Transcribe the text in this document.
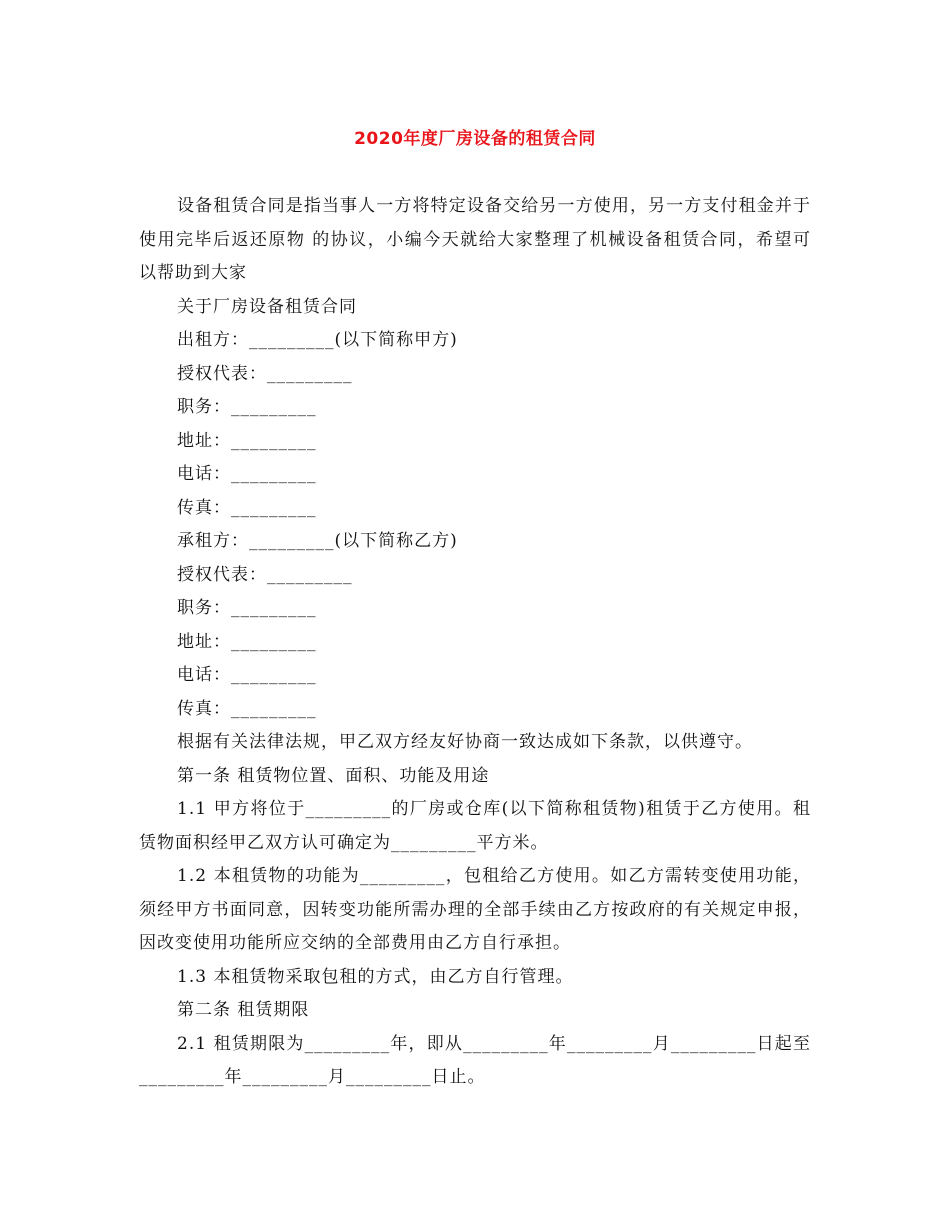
2020年度厂房设备的租赁合同

设备租赁合同是指当事人一方将特定设备交给另一方使用，另一方支付租金并于使用完毕后返还原物 的协议，小编今天就给大家整理了机械设备租赁合同，希望可以帮助到大家

关于厂房设备租赁合同

出租方：_________(以下简称甲方)

授权代表：_________

职务：_________

地址：_________

电话：_________

传真：_________

承租方：_________(以下简称乙方)

授权代表：_________

职务：_________

地址：_________

电话：_________

传真：_________

根据有关法律法规，甲乙双方经友好协商一致达成如下条款，以供遵守。

第一条 租赁物位置、面积、功能及用途

1.1 甲方将位于_________的厂房或仓库(以下简称租赁物)租赁于乙方使用。租赁物面积经甲乙双方认可确定为_________平方米。

1.2 本租赁物的功能为_________，包租给乙方使用。如乙方需转变使用功能，须经甲方书面同意，因转变功能所需办理的全部手续由乙方按政府的有关规定申报，因改变使用功能所应交纳的全部费用由乙方自行承担。

1.3 本租赁物采取包租的方式，由乙方自行管理。

第二条 租赁期限

2.1 租赁期限为_________年，即从_________年_________月_________日起至_________年_________月_________日止。
